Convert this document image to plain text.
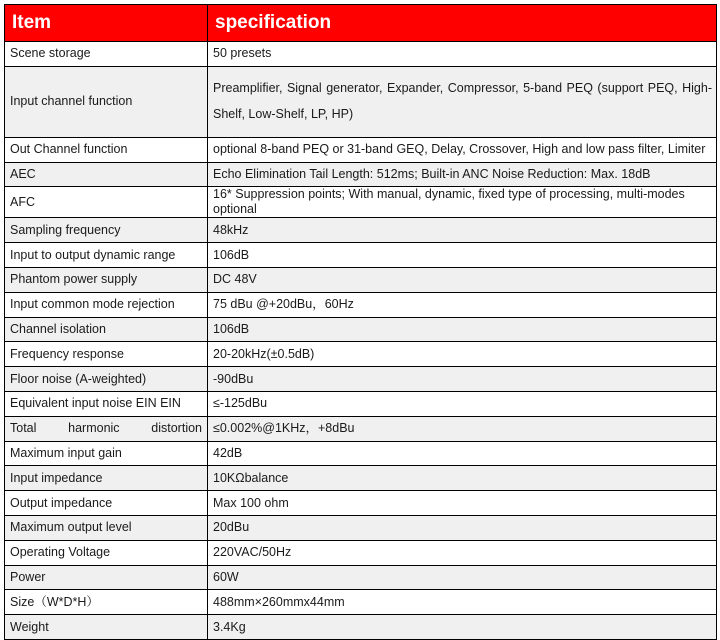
Item	specification
Scene storage	50 presets
Input channel function	Preamplifier, Signal generator, Expander, Compressor, 5-band PEQ (support PEQ, High-Shelf, Low-Shelf, LP, HP)
Out Channel function	optional 8-band PEQ or 31-band GEQ, Delay, Crossover, High and low pass filter, Limiter
AEC	Echo Elimination Tail Length: 512ms; Built-in ANC Noise Reduction: Max. 18dB
AFC	16* Suppression points; With manual, dynamic, fixed type of processing, multi-modes optional
Sampling frequency	48kHz
Input to output dynamic range	106dB
Phantom power supply	DC 48V
Input common mode rejection	75 dBu @+20dBu，60Hz
Channel isolation	106dB
Frequency response	20-20kHz(±0.5dB)
Floor noise (A-weighted)	-90dBu
Equivalent input noise EIN EIN	≤-125dBu
Total harmonic distortion	≤0.002%@1KHz，+8dBu
Maximum input gain	42dB
Input impedance	10KΩbalance
Output impedance	Max 100 ohm
Maximum output level	20dBu
Operating Voltage	220VAC/50Hz
Power	60W
Size（W*D*H）	488mm×260mmx44mm
Weight	3.4Kg
